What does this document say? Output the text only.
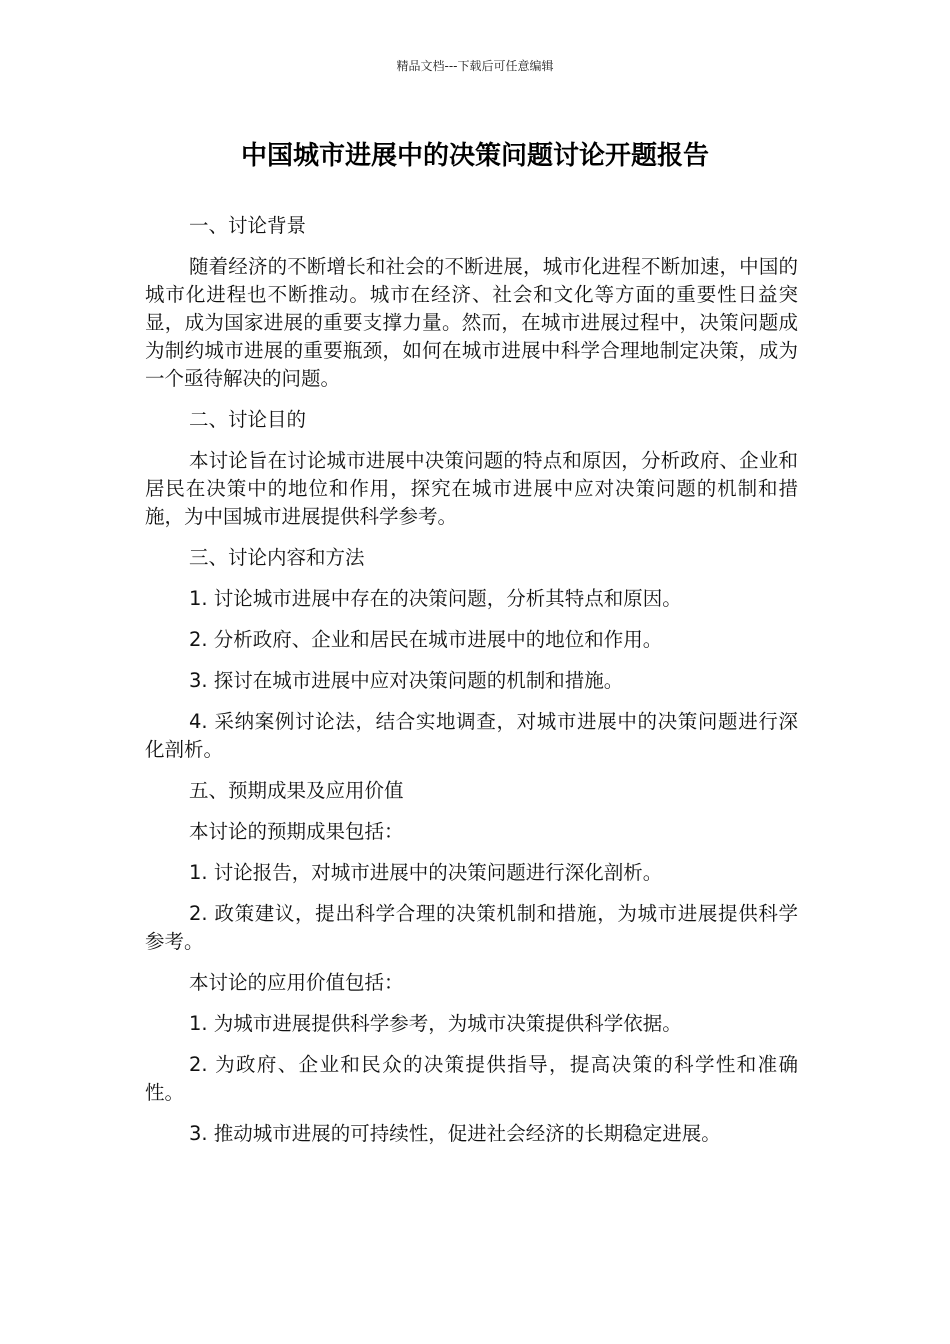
精品文档---下载后可任意编辑
中国城市进展中的决策问题讨论开题报告

一、讨论背景

随着经济的不断增长和社会的不断进展，城市化进程不断加速，中国的城市化进程也不断推动。城市在经济、社会和文化等方面的重要性日益突显，成为国家进展的重要支撑力量。然而，在城市进展过程中，决策问题成为制约城市进展的重要瓶颈，如何在城市进展中科学合理地制定决策，成为一个亟待解决的问题。

二、讨论目的

本讨论旨在讨论城市进展中决策问题的特点和原因，分析政府、企业和居民在决策中的地位和作用，探究在城市进展中应对决策问题的机制和措施，为中国城市进展提供科学参考。

三、讨论内容和方法

1. 讨论城市进展中存在的决策问题，分析其特点和原因。

2. 分析政府、企业和居民在城市进展中的地位和作用。

3. 探讨在城市进展中应对决策问题的机制和措施。

4. 采纳案例讨论法，结合实地调查，对城市进展中的决策问题进行深化剖析。

五、预期成果及应用价值

本讨论的预期成果包括：

1. 讨论报告，对城市进展中的决策问题进行深化剖析。

2. 政策建议，提出科学合理的决策机制和措施，为城市进展提供科学参考。

本讨论的应用价值包括：

1. 为城市进展提供科学参考，为城市决策提供科学依据。

2. 为政府、企业和民众的决策提供指导，提高决策的科学性和准确性。

3. 推动城市进展的可持续性，促进社会经济的长期稳定进展。
